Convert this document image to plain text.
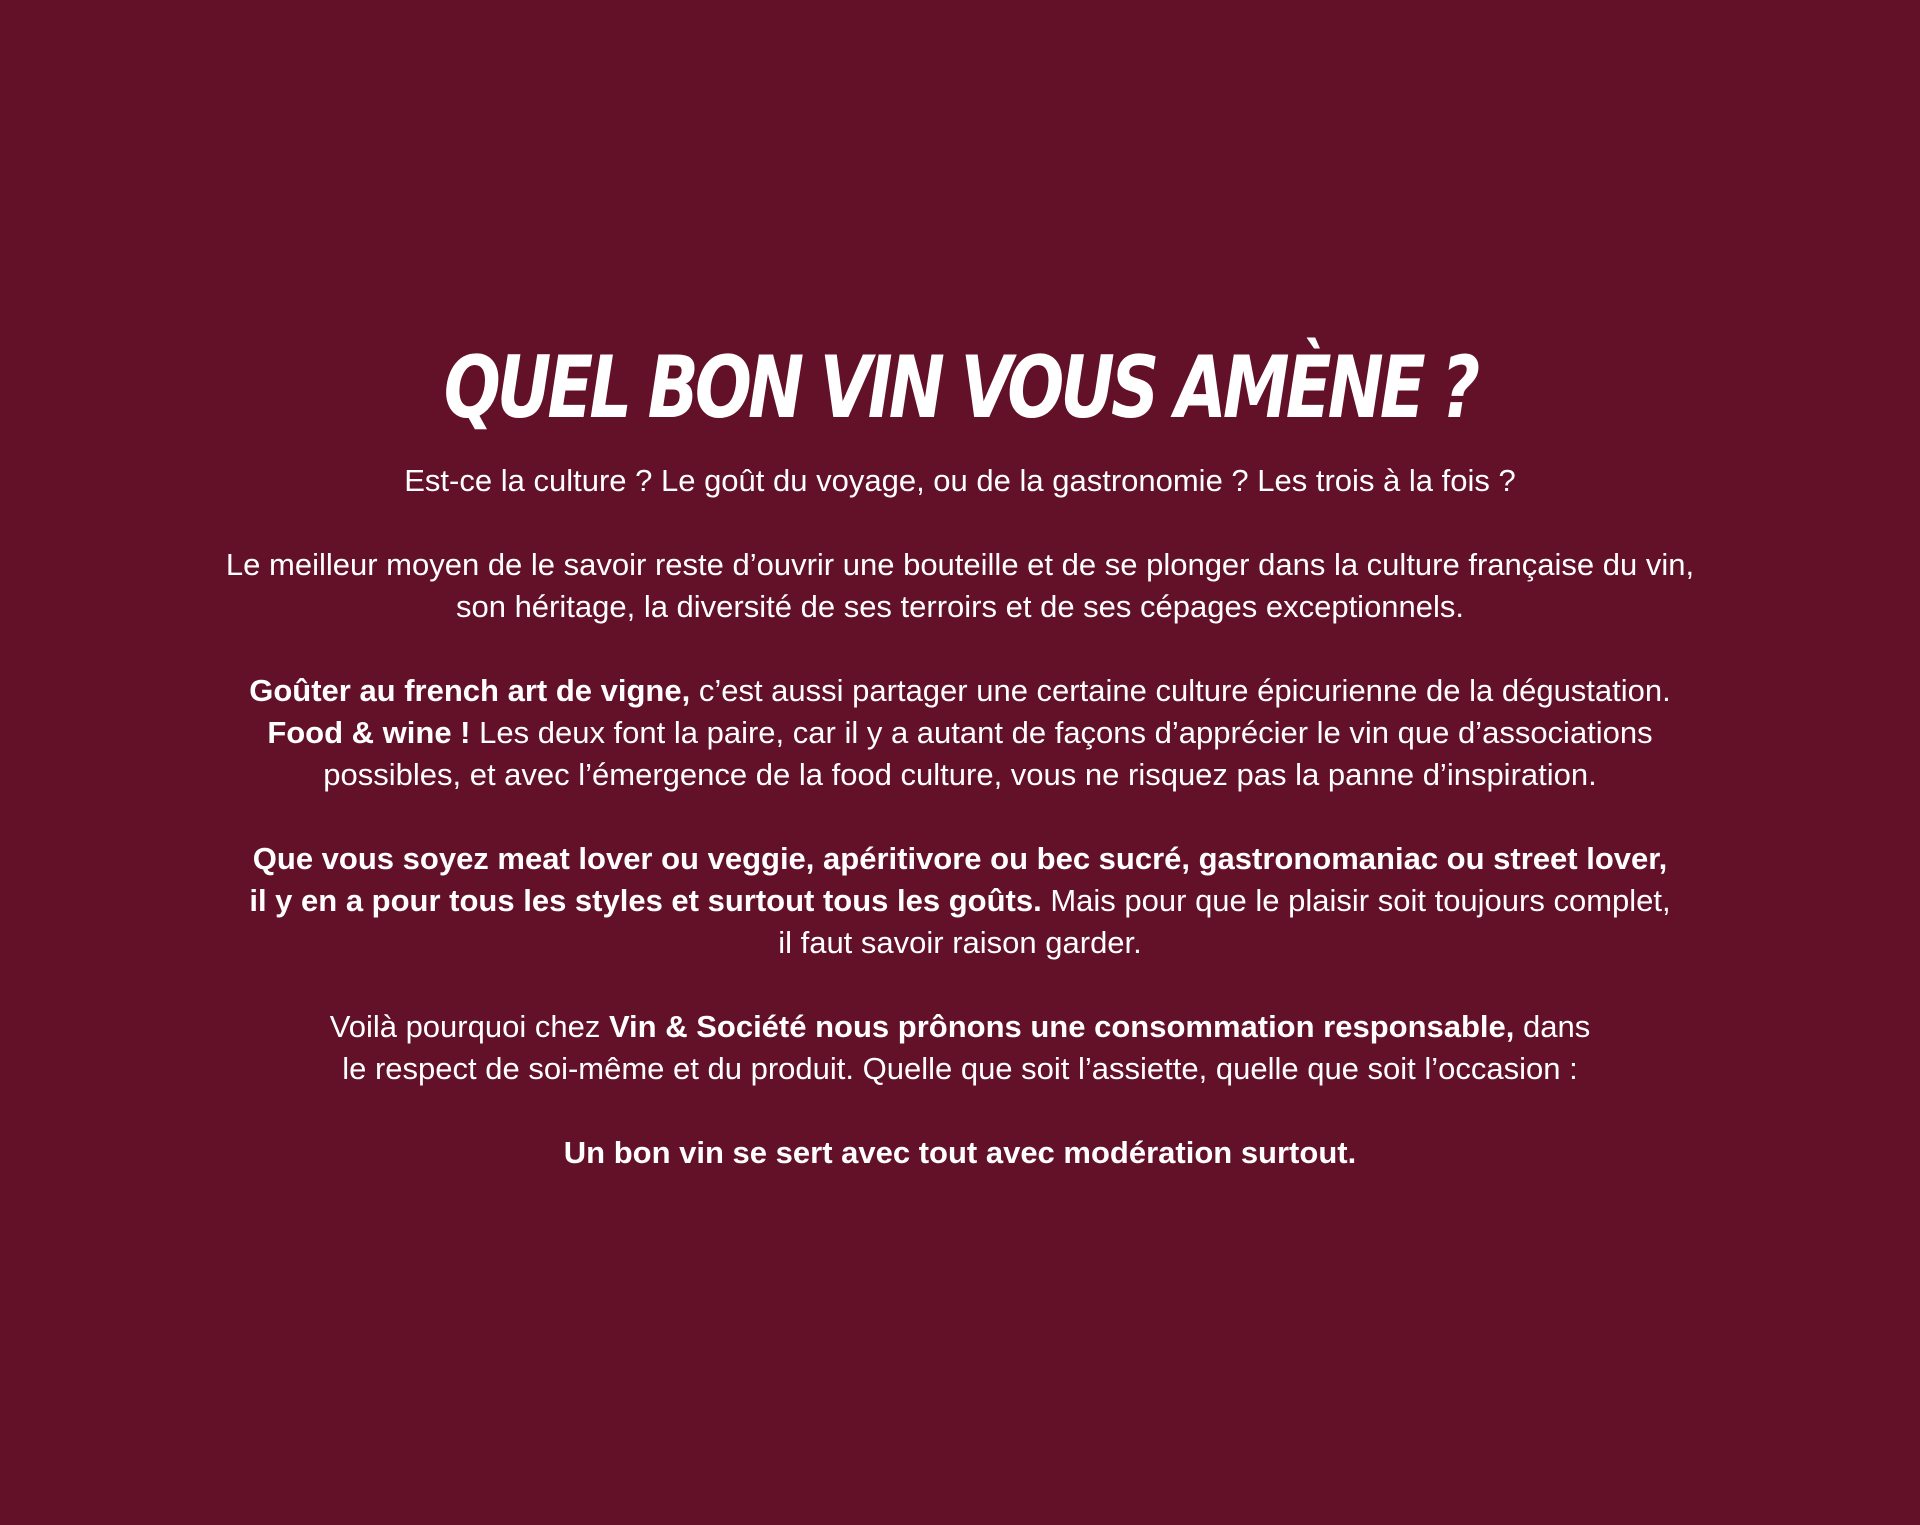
QUEL BON VIN VOUS AMÈNE ?

Est-ce la culture ? Le goût du voyage, ou de la gastronomie ? Les trois à la fois ?

Le meilleur moyen de le savoir reste d’ouvrir une bouteille et de se plonger dans la culture française du vin,
son héritage, la diversité de ses terroirs et de ses cépages exceptionnels.

Goûter au french art de vigne, c’est aussi partager une certaine culture épicurienne de la dégustation.
Food & wine ! Les deux font la paire, car il y a autant de façons d’apprécier le vin que d’associations
possibles, et avec l’émergence de la food culture, vous ne risquez pas la panne d’inspiration.

Que vous soyez meat lover ou veggie, apéritivore ou bec sucré, gastronomaniac ou street lover,
il y en a pour tous les styles et surtout tous les goûts. Mais pour que le plaisir soit toujours complet,
il faut savoir raison garder.

Voilà pourquoi chez Vin & Société nous prônons une consommation responsable, dans
le respect de soi-même et du produit. Quelle que soit l’assiette, quelle que soit l’occasion :

Un bon vin se sert avec tout avec modération surtout.
